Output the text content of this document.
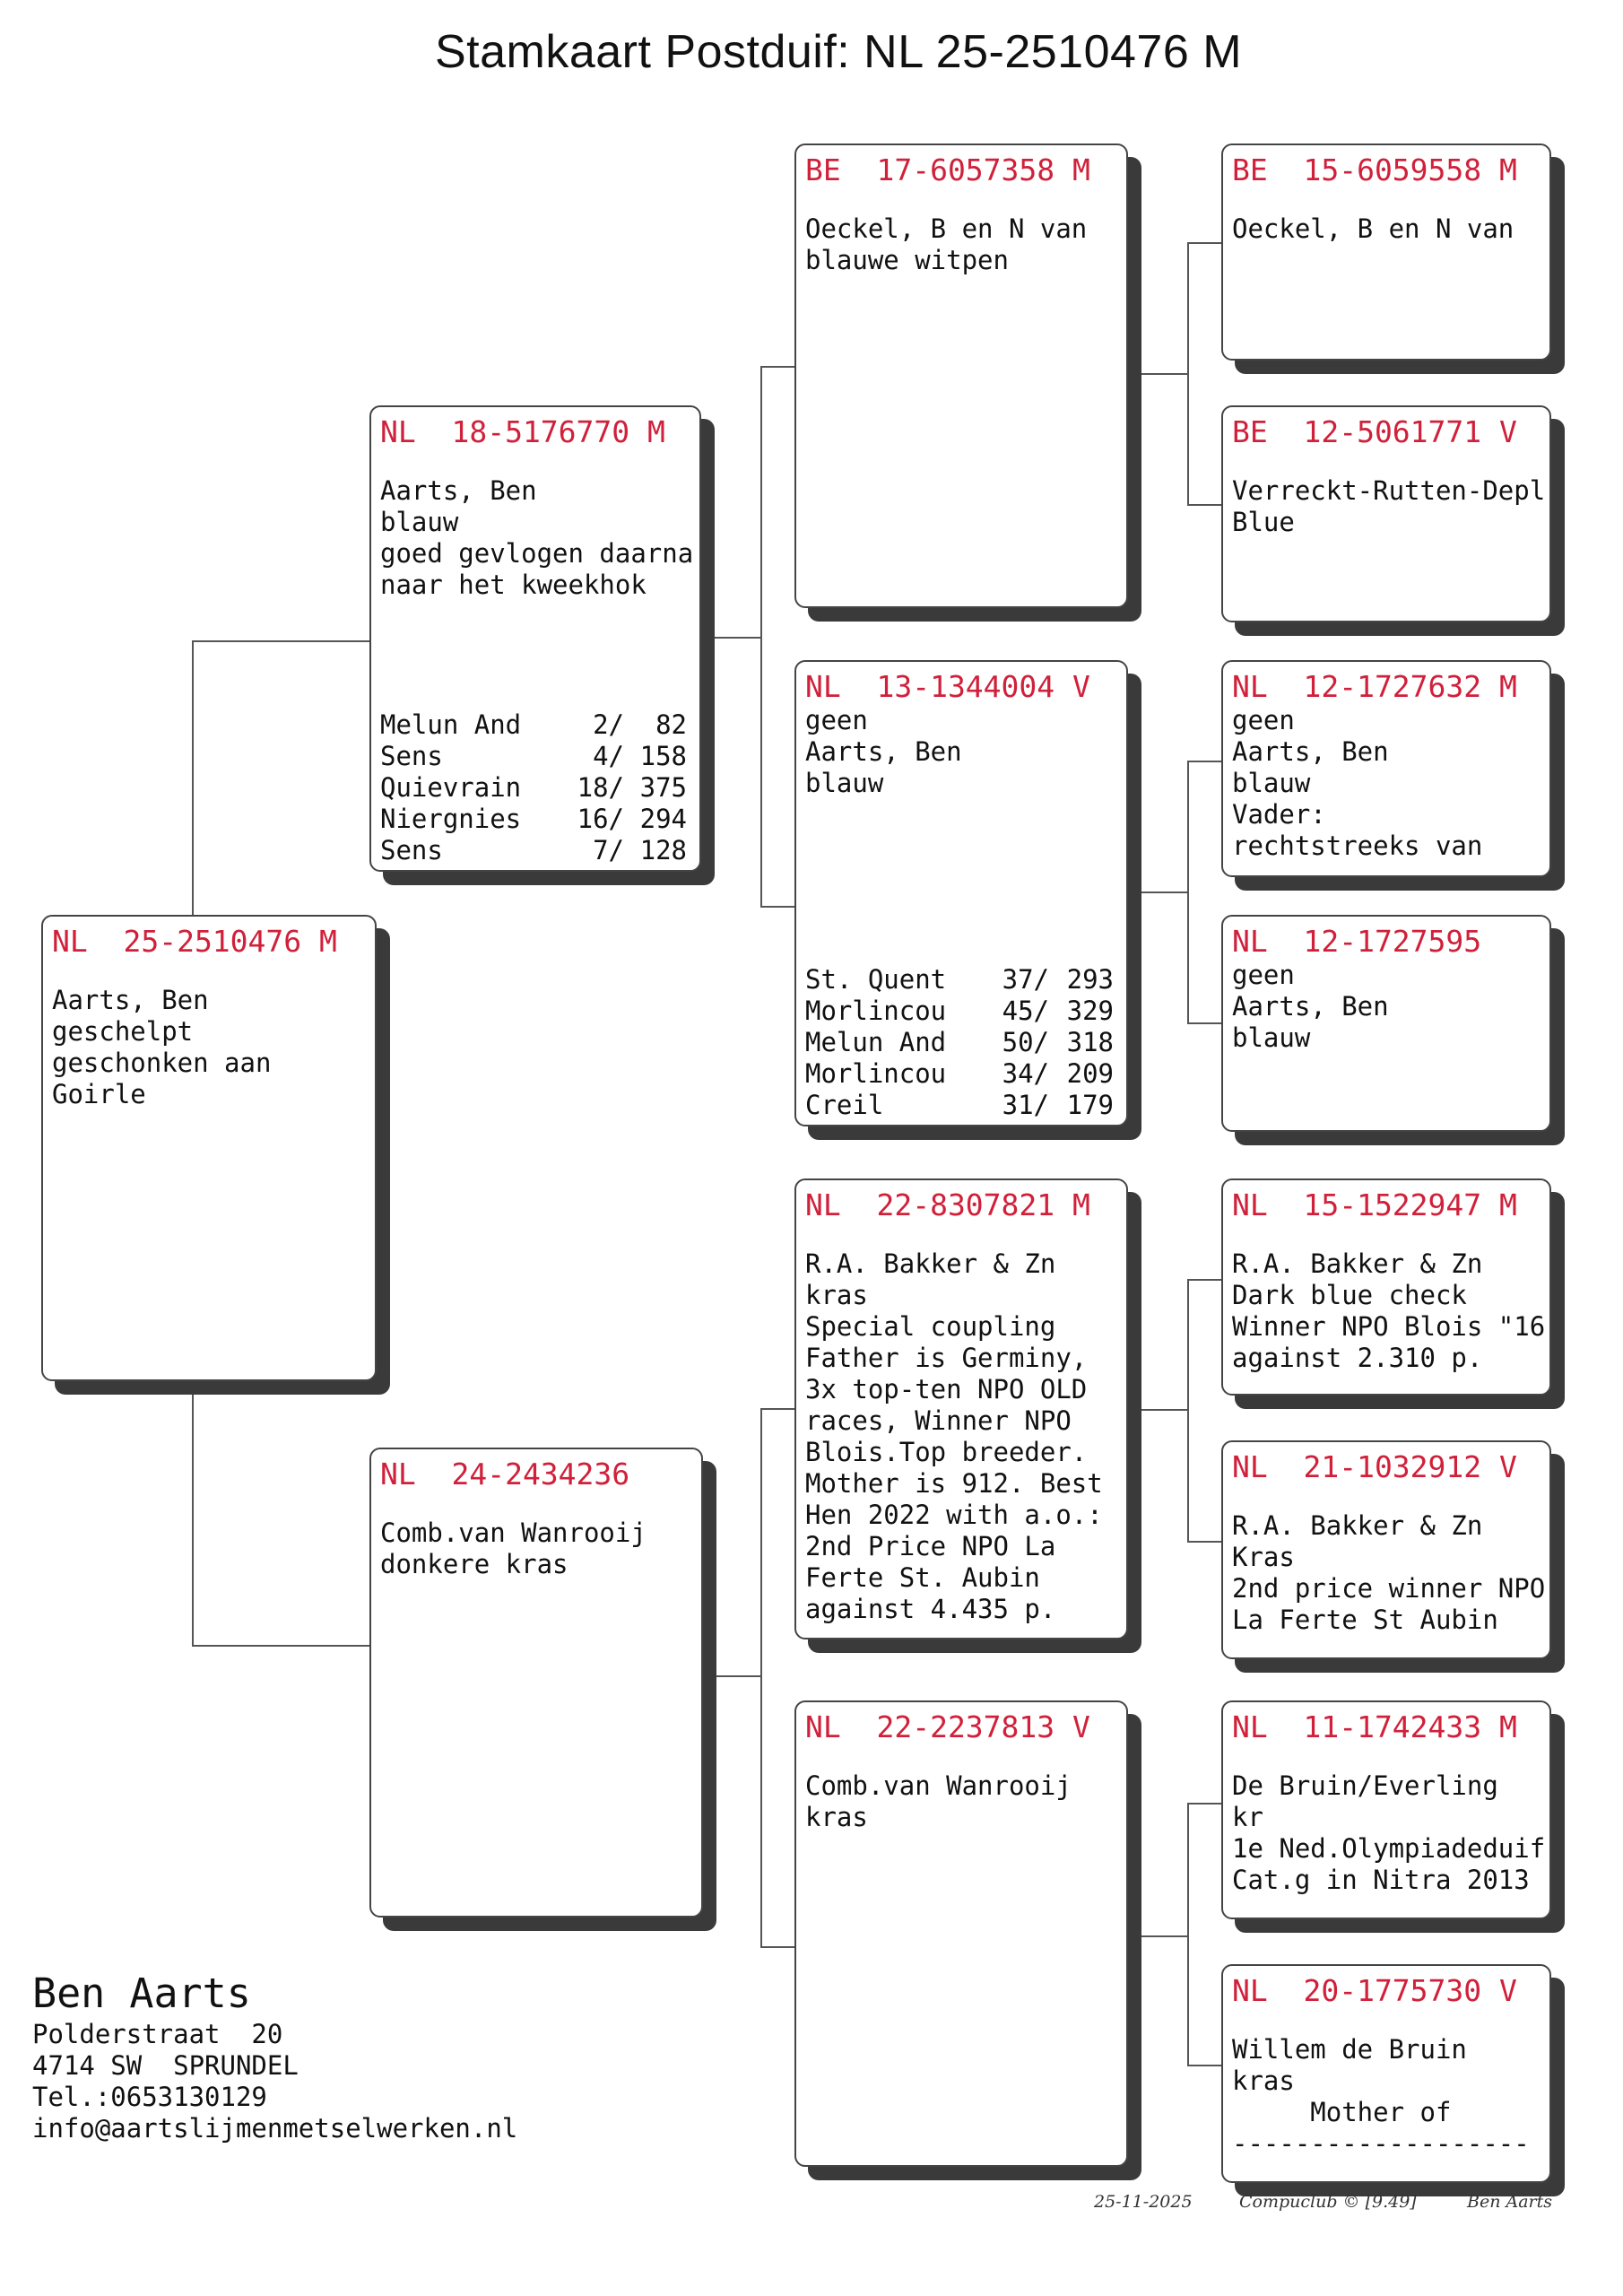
Stamkaart Postduif: NL 25-2510476 M
NL  25-2510476 M
Aarts, Ben
geschelpt
geschonken aan
Goirle
NL  18-5176770 M
Aarts, Ben
blauw
goed gevlogen daarna
naar het kweekhok
Melun And	2/	82
Sens	4/ 158
Quievrain	18/ 375
Niergnies	16/ 294
Sens	7/ 128
NL  24-2434236
Comb.van Wanrooij
donkere kras
BE  17-6057358 M
Oeckel, B en N van
blauwe witpen
NL  13-1344004 V
geen
Aarts, Ben
blauw
St. Quent	37/ 293
Morlincou	45/ 329
Melun And	50/ 318
Morlincou	34/ 209
Creil	31/ 179
NL  22-8307821 M
R.A. Bakker & Zn
kras
Special coupling
Father is Germiny,
3x top-ten NPO OLD
races, Winner NPO
Blois.Top breeder.
Mother is 912. Best
Hen 2022 with a.o.:
2nd Price NPO La
Ferte St. Aubin
against 4.435 p.
NL  22-2237813 V
Comb.van Wanrooij
kras
BE  15-6059558 M
Oeckel, B en N van
BE  12-5061771 V
Verreckt-Rutten-Depl
Blue
NL  12-1727632 M
geen
Aarts, Ben
blauw
Vader:
rechtstreeks van
NL  12-1727595
geen
Aarts, Ben
blauw
NL  15-1522947 M
R.A. Bakker & Zn
Dark blue check
Winner NPO Blois "16
against 2.310 p.
NL  21-1032912 V
R.A. Bakker & Zn
Kras
2nd price winner NPO
La Ferte St Aubin
NL  11-1742433 M
De Bruin/Everling
kr
1e Ned.Olympiadeduif
Cat.g in Nitra 2013
NL  20-1775730 V
Willem de Bruin
kras
Mother of
-------------------
Ben Aarts
Polderstraat  20
4714 SW  SPRUNDEL
Tel.:0653130129
info@aartslijmenmetselwerken.nl
25-11-2025	Compuclub © [9.49]	Ben Aarts
